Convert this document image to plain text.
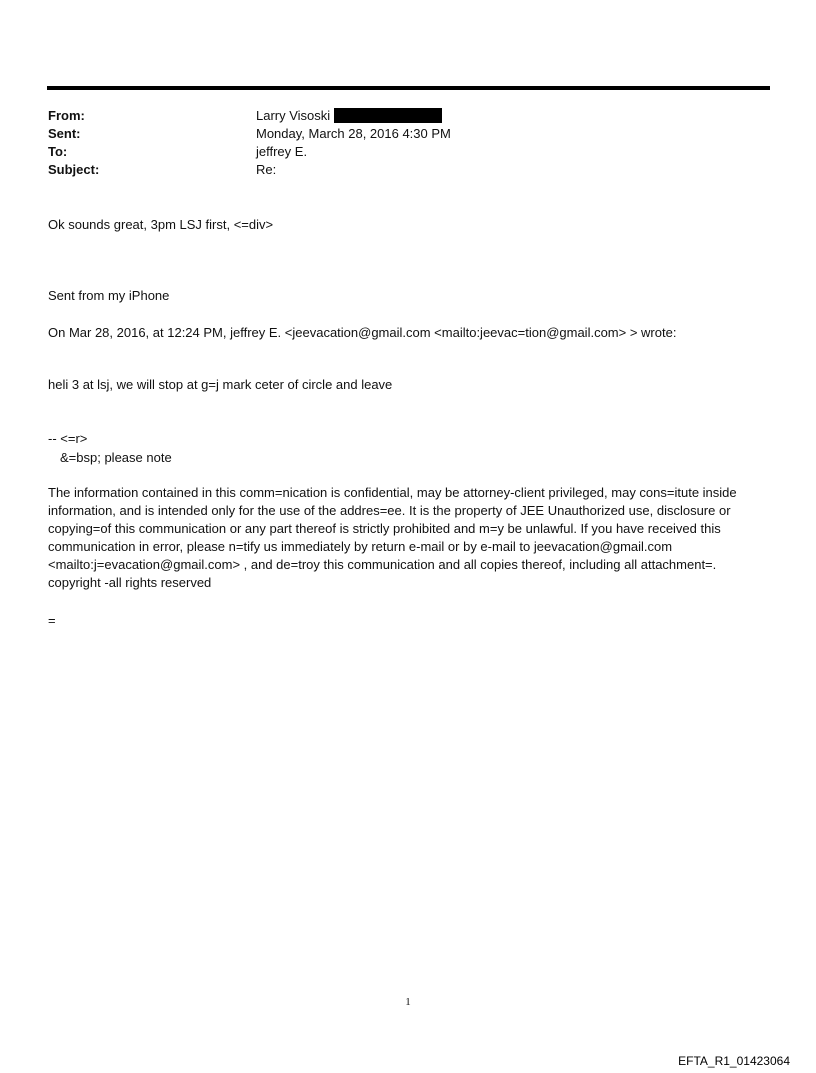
From:	Larry Visoski
Sent:	Monday, March 28, 2016 4:30 PM
To:	jeffrey E.
Subject:	Re:
Ok sounds great, 3pm LSJ first, <=div>
Sent from my iPhone
On Mar 28, 2016, at 12:24 PM, jeffrey E. <jeevacation@gmail.com <mailto:jeevac=tion@gmail.com> > wrote:
heli 3 at lsj, we will stop at g=j mark ceter of circle and leave
-- <=r>
&=bsp; please note
The information contained in this comm=nication is confidential, may be attorney-client privileged, may cons=itute inside information, and is intended only for the use of the addres=ee. It is the property of JEE Unauthorized use, disclosure or copying=of this communication or any part thereof is strictly prohibited and m=y be unlawful. If you have received this communication in error, please n=tify us immediately by return e-mail or by e-mail to jeevacation@gmail.com <mailto:j=evacation@gmail.com> , and de=troy this communication and all copies thereof, including all attachment=. copyright -all rights reserved
=
1
EFTA_R1_01423064
